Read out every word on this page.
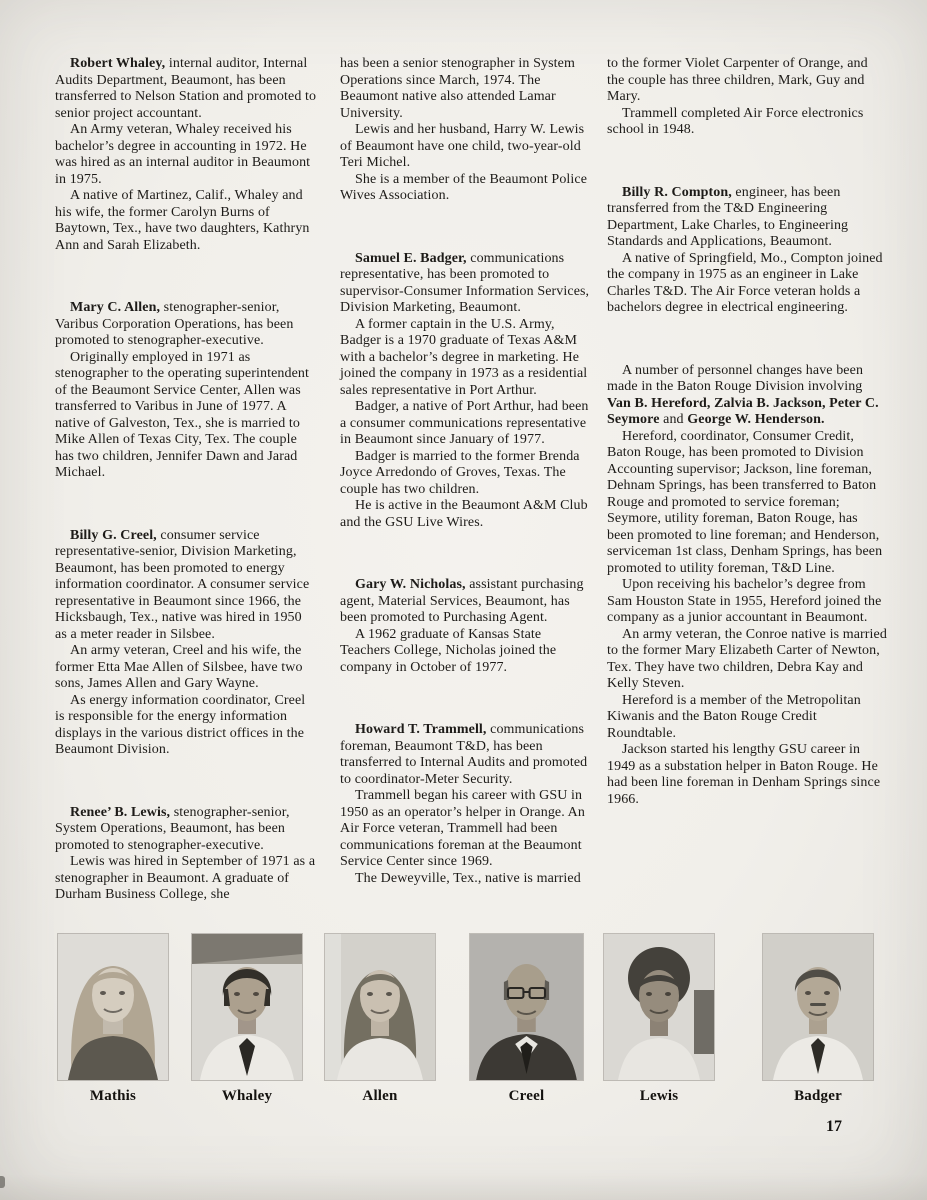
Robert Whaley, internal auditor, Internal Audits Department, Beaumont, has been transferred to Nelson Station and promoted to senior project accountant.

An Army veteran, Whaley received his bachelor’s degree in accounting in 1972. He was hired as an internal auditor in Beaumont in 1975.

A native of Martinez, Calif., Whaley and his wife, the former Carolyn Burns of Baytown, Tex., have two daughters, Kathryn Ann and Sarah Elizabeth.

Mary C. Allen, stenographer-senior, Varibus Corporation Operations, has been promoted to stenographer-executive.

Originally employed in 1971 as stenographer to the operating superintendent of the Beaumont Service Center, Allen was transferred to Varibus in June of 1977. A native of Galveston, Tex., she is married to Mike Allen of Texas City, Tex. The couple has two children, Jennifer Dawn and Jarad Michael.

Billy G. Creel, consumer service representative-senior, Division Marketing, Beaumont, has been promoted to energy information coordinator. A consumer service representative in Beaumont since 1966, the Hicksbaugh, Tex., native was hired in 1950 as a meter reader in Silsbee.

An army veteran, Creel and his wife, the former Etta Mae Allen of Silsbee, have two sons, James Allen and Gary Wayne.

As energy information coordinator, Creel is responsible for the energy information displays in the various district offices in the Beaumont Division.

Renee’ B. Lewis, stenographer-senior, System Operations, Beaumont, has been promoted to stenographer-executive.

Lewis was hired in September of 1971 as a stenographer in Beaumont. A graduate of Durham Business College, she

has been a senior stenographer in System Operations since March, 1974. The Beaumont native also attended Lamar University.

Lewis and her husband, Harry W. Lewis of Beaumont have one child, two-year-old Teri Michel.

She is a member of the Beaumont Police Wives Association.

Samuel E. Badger, communications representative, has been promoted to supervisor-Consumer Information Services, Division Marketing, Beaumont.

A former captain in the U.S. Army, Badger is a 1970 graduate of Texas A&M with a bachelor’s degree in marketing. He joined the company in 1973 as a residential sales representative in Port Arthur.

Badger, a native of Port Arthur, had been a consumer communications representative in Beaumont since January of 1977.

Badger is married to the former Brenda Joyce Arredondo of Groves, Texas. The couple has two children.

He is active in the Beaumont A&M Club and the GSU Live Wires.

Gary W. Nicholas, assistant purchasing agent, Material Services, Beaumont, has been promoted to Purchasing Agent.

A 1962 graduate of Kansas State Teachers College, Nicholas joined the company in October of 1977.

Howard T. Trammell, communications foreman, Beaumont T&D, has been transferred to Internal Audits and promoted to coordinator-Meter Security.

Trammell began his career with GSU in 1950 as an operator’s helper in Orange. An Air Force veteran, Trammell had been communications foreman at the Beaumont Service Center since 1969.

The Deweyville, Tex., native is married

to the former Violet Carpenter of Orange, and the couple has three children, Mark, Guy and Mary.

Trammell completed Air Force electronics school in 1948.

Billy R. Compton, engineer, has been transferred from the T&D Engineering Department, Lake Charles, to Engineering Standards and Applications, Beaumont.

A native of Springfield, Mo., Compton joined the company in 1975 as an engineer in Lake Charles T&D. The Air Force veteran holds a bachelors degree in electrical engineering.

A number of personnel changes have been made in the Baton Rouge Division involving Van B. Hereford, Zalvia B. Jackson, Peter C. Seymore and George W. Henderson.

Hereford, coordinator, Consumer Credit, Baton Rouge, has been promoted to Division Accounting supervisor; Jackson, line foreman, Dehnam Springs, has been transferred to Baton Rouge and promoted to service foreman; Seymore, utility foreman, Baton Rouge, has been promoted to line foreman; and Henderson, serviceman 1st class, Denham Springs, has been promoted to utility foreman, T&D Line.

Upon receiving his bachelor’s degree from Sam Houston State in 1955, Hereford joined the company as a junior accountant in Beaumont.

An army veteran, the Conroe native is married to the former Mary Elizabeth Carter of Newton, Tex. They have two children, Debra Kay and Kelly Steven.

Hereford is a member of the Metropolitan Kiwanis and the Baton Rouge Credit Roundtable.

Jackson started his lengthy GSU career in 1949 as a substation helper in Baton Rouge. He had been line foreman in Denham Springs since 1966.

Mathis	Whaley	Allen	Creel	Lewis	Badger
17
